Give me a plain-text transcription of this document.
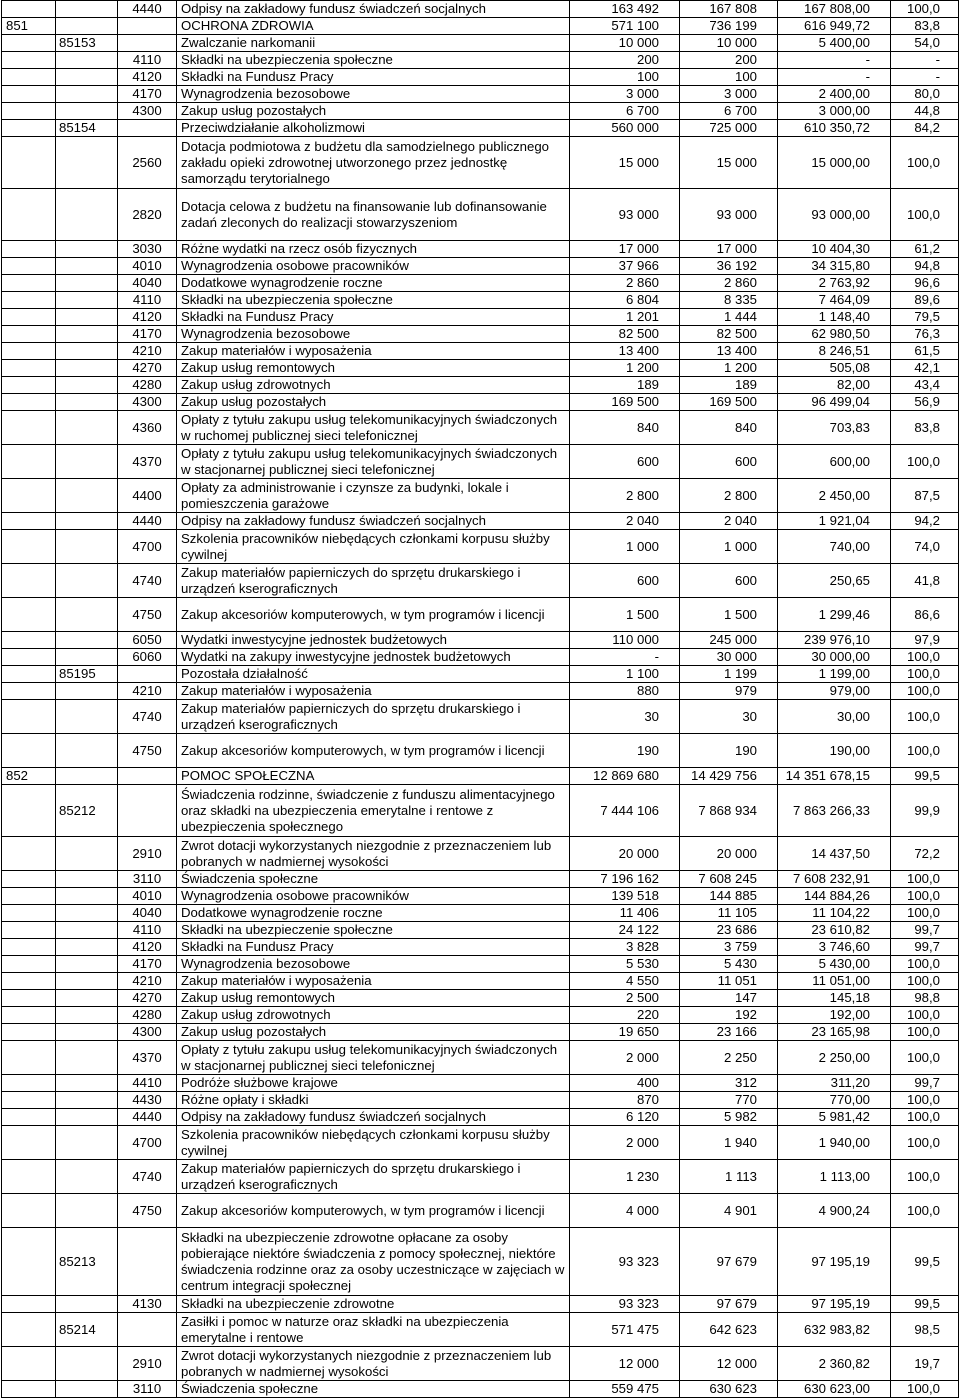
		4440	Odpisy na zakładowy fundusz świadczeń socjalnych	163 492	167 808	167 808,00	100,0
851			OCHRONA ZDROWIA	571 100	736 199	616 949,72	83,8
	85153		Zwalczanie narkomanii	10 000	10 000	5 400,00	54,0
		4110	Składki na ubezpieczenia społeczne	200	200	-	-
		4120	Składki na Fundusz Pracy	100	100	-	-
		4170	Wynagrodzenia bezosobowe	3 000	3 000	2 400,00	80,0
		4300	Zakup usług pozostałych	6 700	6 700	3 000,00	44,8
	85154		Przeciwdziałanie alkoholizmowi	560 000	725 000	610 350,72	84,2
		2560	Dotacja podmiotowa z budżetu dla samodzielnego publicznego zakładu opieki zdrowotnej utworzonego przez jednostkę samorządu terytorialnego	15 000	15 000	15 000,00	100,0
		2820	Dotacja celowa z budżetu na finansowanie lub dofinansowanie zadań zleconych do realizacji stowarzyszeniom	93 000	93 000	93 000,00	100,0
		3030	Różne wydatki na rzecz osób fizycznych	17 000	17 000	10 404,30	61,2
		4010	Wynagrodzenia osobowe pracowników	37 966	36 192	34 315,80	94,8
		4040	Dodatkowe wynagrodzenie roczne	2 860	2 860	2 763,92	96,6
		4110	Składki na ubezpieczenia społeczne	6 804	8 335	7 464,09	89,6
		4120	Składki na Fundusz Pracy	1 201	1 444	1 148,40	79,5
		4170	Wynagrodzenia bezosobowe	82 500	82 500	62 980,50	76,3
		4210	Zakup materiałów i wyposażenia	13 400	13 400	8 246,51	61,5
		4270	Zakup usług remontowych	1 200	1 200	505,08	42,1
		4280	Zakup usług zdrowotnych	189	189	82,00	43,4
		4300	Zakup usług pozostałych	169 500	169 500	96 499,04	56,9
		4360	Opłaty z tytułu zakupu usług telekomunikacyjnych świadczonych w ruchomej publicznej sieci telefonicznej	840	840	703,83	83,8
		4370	Opłaty z tytułu zakupu usług telekomunikacyjnych świadczonych w stacjonarnej publicznej sieci telefonicznej	600	600	600,00	100,0
		4400	Opłaty za administrowanie i czynsze za budynki, lokale i pomieszczenia garażowe	2 800	2 800	2 450,00	87,5
		4440	Odpisy na zakładowy fundusz świadczeń socjalnych	2 040	2 040	1 921,04	94,2
		4700	Szkolenia pracowników niebędących członkami korpusu służby cywilnej	1 000	1 000	740,00	74,0
		4740	Zakup materiałów papierniczych do sprzętu drukarskiego i urządzeń kserograficznych	600	600	250,65	41,8
		4750	Zakup akcesoriów komputerowych, w tym programów i licencji	1 500	1 500	1 299,46	86,6
		6050	Wydatki inwestycyjne jednostek budżetowych	110 000	245 000	239 976,10	97,9
		6060	Wydatki na zakupy inwestycyjne jednostek budżetowych	-	30 000	30 000,00	100,0
	85195		Pozostała działalność	1 100	1 199	1 199,00	100,0
		4210	Zakup materiałów i wyposażenia	880	979	979,00	100,0
		4740	Zakup materiałów papierniczych do sprzętu drukarskiego i urządzeń kserograficznych	30	30	30,00	100,0
		4750	Zakup akcesoriów komputerowych, w tym programów i licencji	190	190	190,00	100,0
852			POMOC SPOŁECZNA	12 869 680	14 429 756	14 351 678,15	99,5
	85212		Świadczenia rodzinne, świadczenie z funduszu alimentacyjnego oraz składki na ubezpieczenia emerytalne i rentowe z ubezpieczenia społecznego	7 444 106	7 868 934	7 863 266,33	99,9
		2910	Zwrot dotacji wykorzystanych niezgodnie z przeznaczeniem lub pobranych w nadmiernej wysokości	20 000	20 000	14 437,50	72,2
		3110	Świadczenia społeczne	7 196 162	7 608 245	7 608 232,91	100,0
		4010	Wynagrodzenia osobowe pracowników	139 518	144 885	144 884,26	100,0
		4040	Dodatkowe wynagrodzenie roczne	11 406	11 105	11 104,22	100,0
		4110	Składki na ubezpieczenie społeczne	24 122	23 686	23 610,82	99,7
		4120	Składki na Fundusz Pracy	3 828	3 759	3 746,60	99,7
		4170	Wynagrodzenia bezosobowe	5 530	5 430	5 430,00	100,0
		4210	Zakup materiałów i wyposażenia	4 550	11 051	11 051,00	100,0
		4270	Zakup usług remontowych	2 500	147	145,18	98,8
		4280	Zakup usług zdrowotnych	220	192	192,00	100,0
		4300	Zakup usług pozostałych	19 650	23 166	23 165,98	100,0
		4370	Opłaty z tytułu zakupu usług telekomunikacyjnych świadczonych w stacjonarnej publicznej sieci telefonicznej	2 000	2 250	2 250,00	100,0
		4410	Podróże służbowe krajowe	400	312	311,20	99,7
		4430	Różne opłaty i składki	870	770	770,00	100,0
		4440	Odpisy na zakładowy fundusz świadczeń socjalnych	6 120	5 982	5 981,42	100,0
		4700	Szkolenia pracowników niebędących członkami korpusu służby cywilnej	2 000	1 940	1 940,00	100,0
		4740	Zakup materiałów papierniczych do sprzętu drukarskiego i urządzeń kserograficznych	1 230	1 113	1 113,00	100,0
		4750	Zakup akcesoriów komputerowych, w tym programów i licencji	4 000	4 901	4 900,24	100,0
	85213		Składki na ubezpieczenie zdrowotne opłacane za osoby pobierające niektóre świadczenia z pomocy społecznej, niektóre świadczenia rodzinne oraz za osoby uczestniczące w zajęciach w centrum integracji społecznej	93 323	97 679	97 195,19	99,5
		4130	Składki na ubezpieczenie zdrowotne	93 323	97 679	97 195,19	99,5
	85214		Zasiłki i pomoc w naturze oraz składki na ubezpieczenia emerytalne i rentowe	571 475	642 623	632 983,82	98,5
		2910	Zwrot dotacji wykorzystanych niezgodnie z przeznaczeniem lub pobranych w nadmiernej wysokości	12 000	12 000	2 360,82	19,7
		3110	Świadczenia społeczne	559 475	630 623	630 623,00	100,0
